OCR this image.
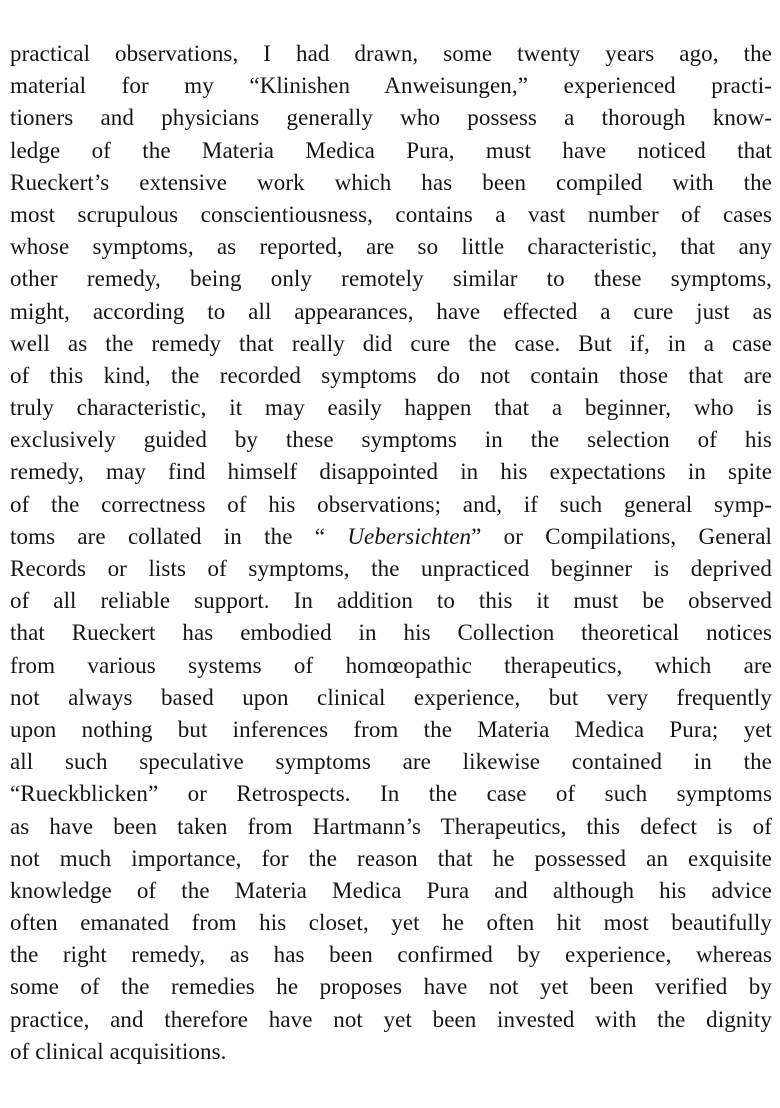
practical observations, I had drawn, some twenty years ago, the
material for my “Klinishen Anweisungen,” experienced practi-
tioners and physicians generally who possess a thorough know-
ledge of the Materia Medica Pura, must have noticed that
Rueckert’s extensive work which has been compiled with the
most scrupulous conscientiousness, contains a vast number of cases
whose symptoms, as reported, are so little characteristic, that any
other remedy, being only remotely similar to these symptoms,
might, according to all appearances, have effected a cure just as
well as the remedy that really did cure the case. But if, in a case
of this kind, the recorded symptoms do not contain those that are
truly characteristic, it may easily happen that a beginner, who is
exclusively guided by these symptoms in the selection of his
remedy, may find himself disappointed in his expectations in spite
of the correctness of his observations; and, if such general symp-
toms are collated in the “ Uebersichten” or Compilations, General
Records or lists of symptoms, the unpracticed beginner is deprived
of all reliable support. In addition to this it must be observed
that Rueckert has embodied in his Collection theoretical notices
from various systems of homœopathic therapeutics, which are
not always based upon clinical experience, but very frequently
upon nothing but inferences from the Materia Medica Pura; yet
all such speculative symptoms are likewise contained in the
“Rueckblicken” or Retrospects. In the case of such symptoms
as have been taken from Hartmann’s Therapeutics, this defect is of
not much importance, for the reason that he possessed an exquisite
knowledge of the Materia Medica Pura and although his advice
often emanated from his closet, yet he often hit most beautifully
the right remedy, as has been confirmed by experience, whereas
some of the remedies he proposes have not yet been verified by
practice, and therefore have not yet been invested with the dignity
of clinical acquisitions.
